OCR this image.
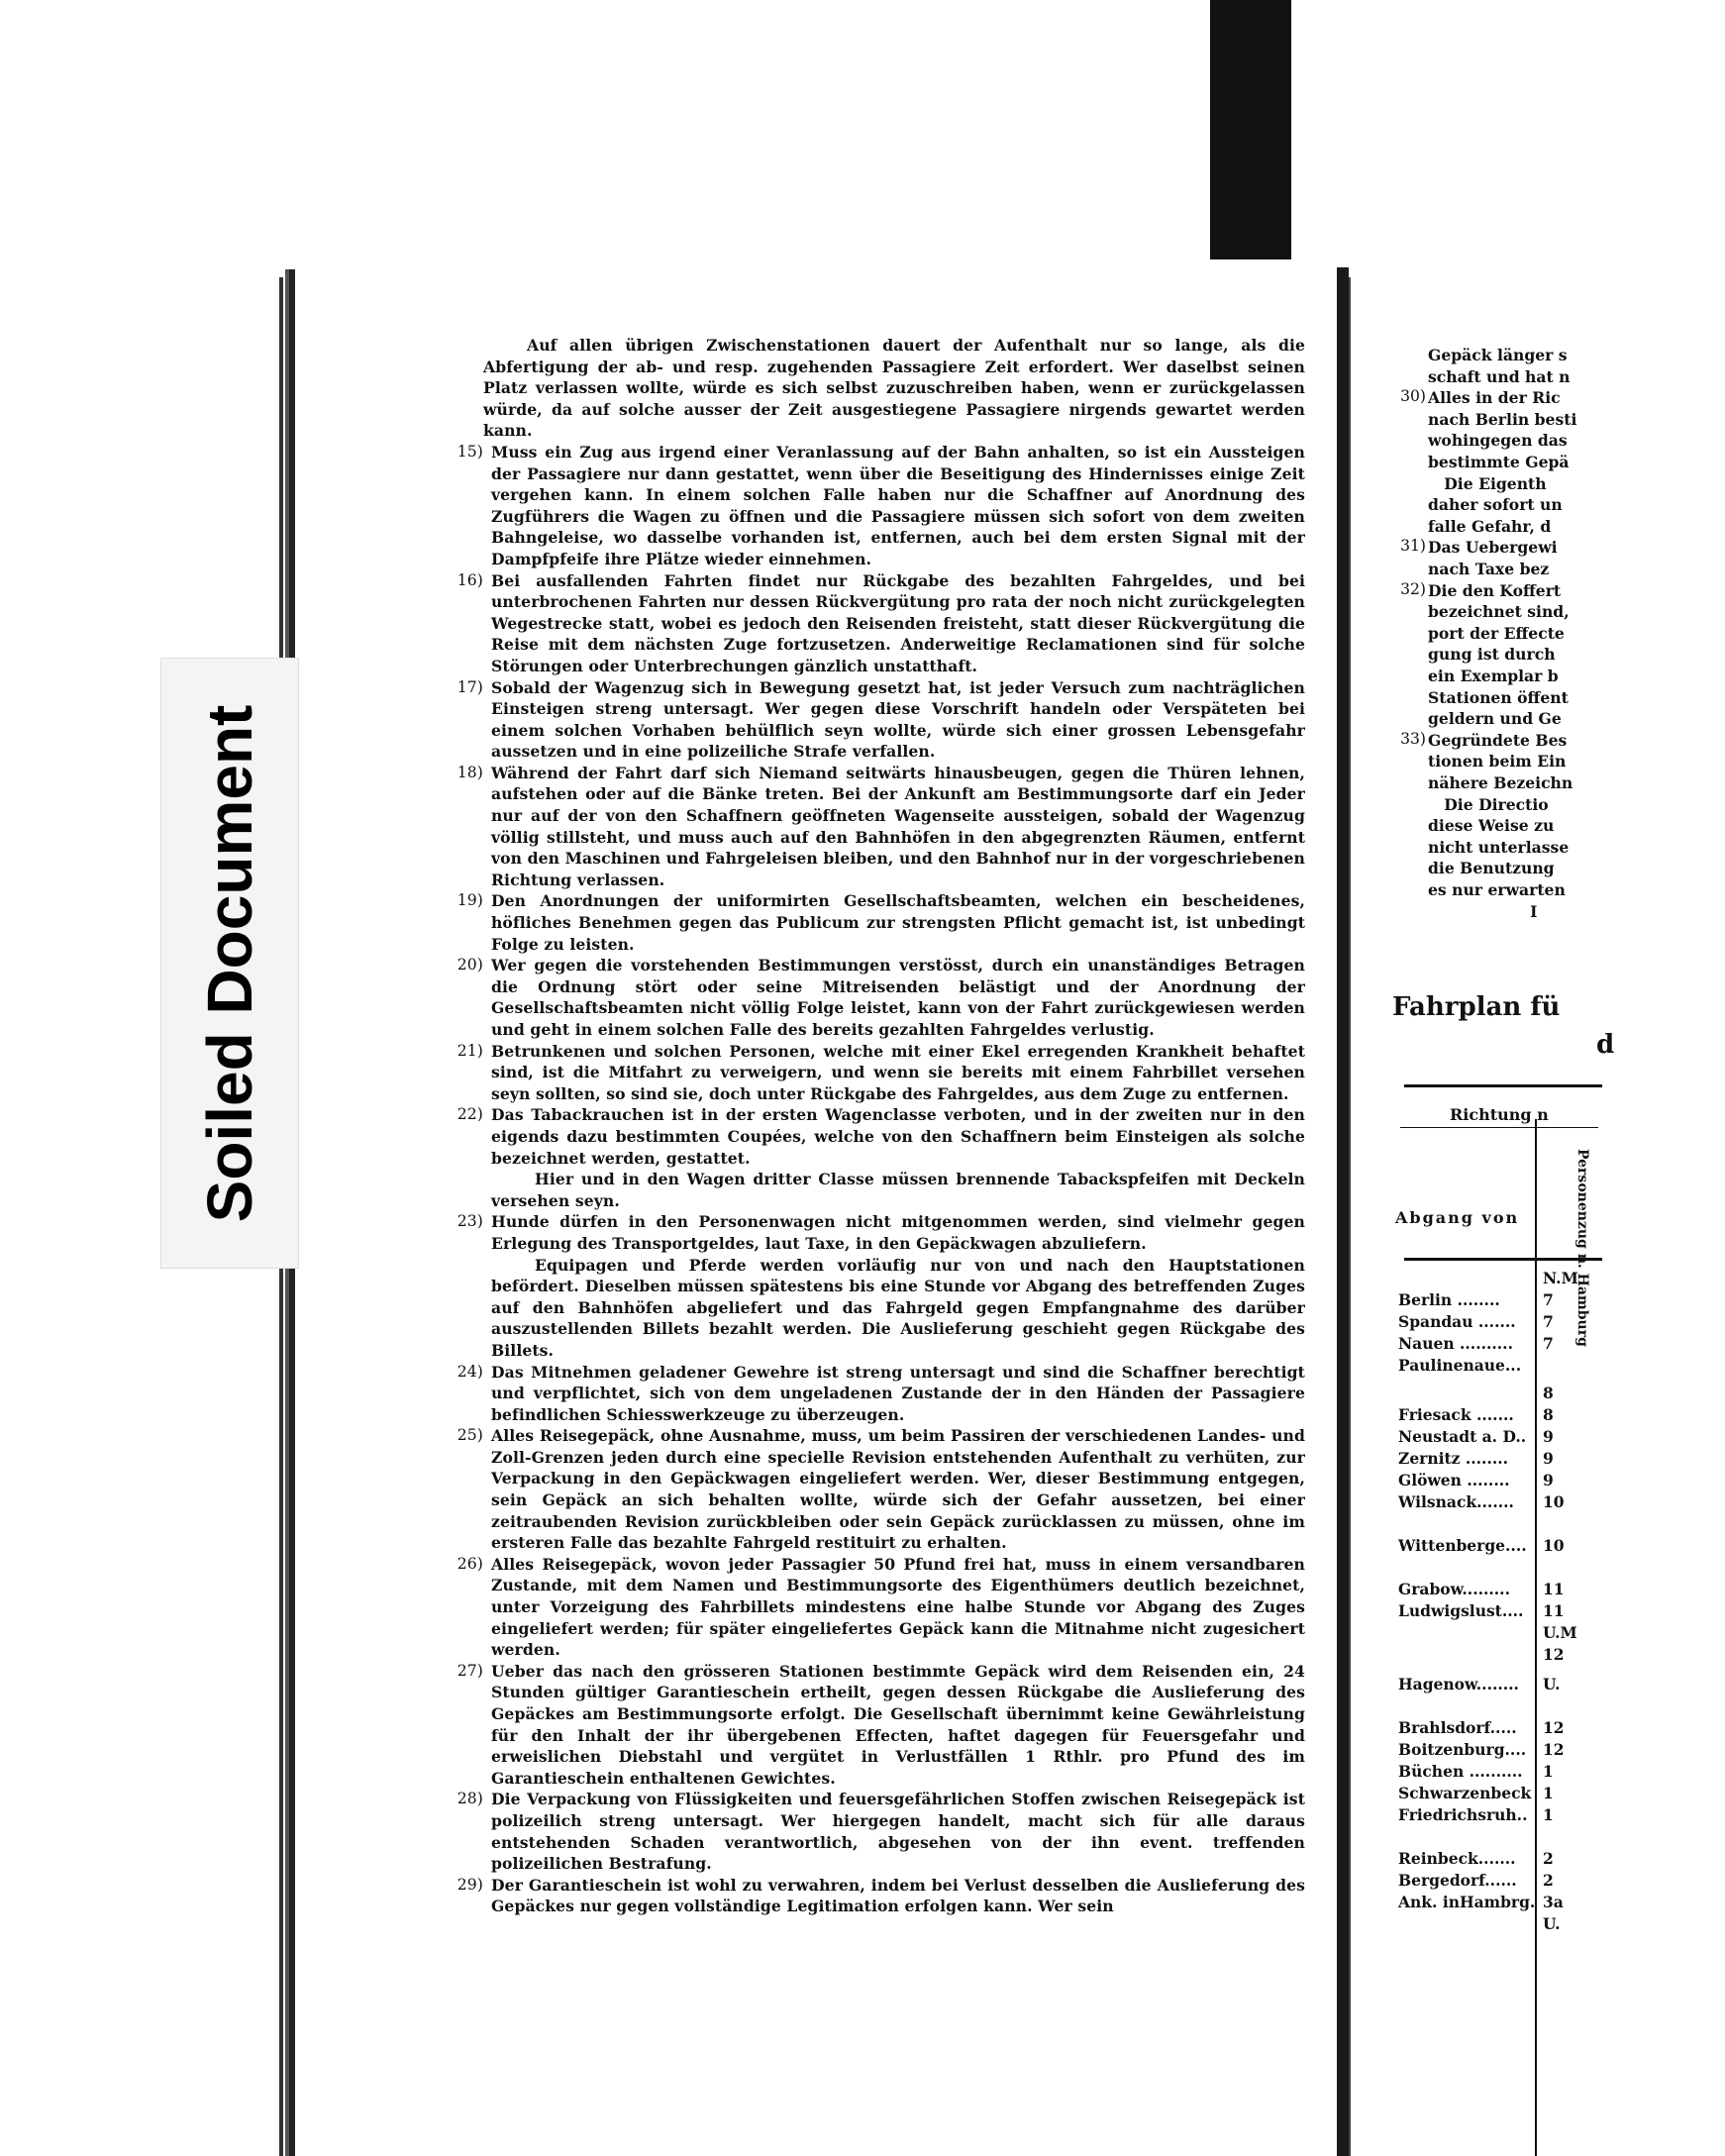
Auf allen übrigen Zwischenstationen dauert der Aufenthalt nur so lange, als die Abfertigung der ab- und resp. zugehenden Passagiere Zeit erfordert. Wer daselbst seinen Platz verlassen wollte, würde es sich selbst zuzuschreiben haben, wenn er zurückgelassen würde, da auf solche ausser der Zeit ausgestiegene Passagiere nirgends gewartet werden kann.

15) Muss ein Zug aus irgend einer Veranlassung auf der Bahn anhalten, so ist ein Aussteigen der Passagiere nur dann gestattet, wenn über die Beseitigung des Hindernisses einige Zeit vergehen kann. In einem solchen Falle haben nur die Schaffner auf Anordnung des Zugführers die Wagen zu öffnen und die Passagiere müssen sich sofort von dem zweiten Bahngeleise, wo dasselbe vorhanden ist, entfernen, auch bei dem ersten Signal mit der Dampfpfeife ihre Plätze wieder einnehmen.

16) Bei ausfallenden Fahrten findet nur Rückgabe des bezahlten Fahrgeldes, und bei unterbrochenen Fahrten nur dessen Rückvergütung pro rata der noch nicht zurückgelegten Wegestrecke statt, wobei es jedoch den Reisenden freisteht, statt dieser Rückvergütung die Reise mit dem nächsten Zuge fortzusetzen. Anderweitige Reclamationen sind für solche Störungen oder Unterbrechungen gänzlich unstatthaft.

17) Sobald der Wagenzug sich in Bewegung gesetzt hat, ist jeder Versuch zum nachträglichen Einsteigen streng untersagt. Wer gegen diese Vorschrift handeln oder Verspäteten bei einem solchen Vorhaben behülflich seyn wollte, würde sich einer grossen Lebensgefahr aussetzen und in eine polizeiliche Strafe verfallen.

18) Während der Fahrt darf sich Niemand seitwärts hinausbeugen, gegen die Thüren lehnen, aufstehen oder auf die Bänke treten. Bei der Ankunft am Bestimmungsorte darf ein Jeder nur auf der von den Schaffnern geöffneten Wagenseite aussteigen, sobald der Wagenzug völlig stillsteht, und muss auch auf den Bahnhöfen in den abgegrenzten Räumen, entfernt von den Maschinen und Fahrgeleisen bleiben, und den Bahnhof nur in der vorgeschriebenen Richtung verlassen.

19) Den Anordnungen der uniformirten Gesellschaftsbeamten, welchen ein bescheidenes, höfliches Benehmen gegen das Publicum zur strengsten Pflicht gemacht ist, ist unbedingt Folge zu leisten.

20) Wer gegen die vorstehenden Bestimmungen verstösst, durch ein unanständiges Betragen die Ordnung stört oder seine Mitreisenden belästigt und der Anordnung der Gesellschaftsbeamten nicht völlig Folge leistet, kann von der Fahrt zurückgewiesen werden und geht in einem solchen Falle des bereits gezahlten Fahrgeldes verlustig.

21) Betrunkenen und solchen Personen, welche mit einer Ekel erregenden Krankheit behaftet sind, ist die Mitfahrt zu verweigern, und wenn sie bereits mit einem Fahrbillet versehen seyn sollten, so sind sie, doch unter Rückgabe des Fahrgeldes, aus dem Zuge zu entfernen.

22) Das Tabackrauchen ist in der ersten Wagenclasse verboten, und in der zweiten nur in den eigends dazu bestimmten Coupées, welche von den Schaffnern beim Einsteigen als solche bezeichnet werden, gestattet.

Hier und in den Wagen dritter Classe müssen brennende Tabackspfeifen mit Deckeln versehen seyn.

23) Hunde dürfen in den Personenwagen nicht mitgenommen werden, sind vielmehr gegen Erlegung des Transportgeldes, laut Taxe, in den Gepäckwagen abzuliefern.

Equipagen und Pferde werden vorläufig nur von und nach den Hauptstationen befördert. Dieselben müssen spätestens bis eine Stunde vor Abgang des betreffenden Zuges auf den Bahnhöfen abgeliefert und das Fahrgeld gegen Empfangnahme des darüber auszustellenden Billets bezahlt werden. Die Auslieferung geschieht gegen Rückgabe des Billets.

24) Das Mitnehmen geladener Gewehre ist streng untersagt und sind die Schaffner berechtigt und verpflichtet, sich von dem ungeladenen Zustande der in den Händen der Passagiere befindlichen Schiesswerkzeuge zu überzeugen.

25) Alles Reisegepäck, ohne Ausnahme, muss, um beim Passiren der verschiedenen Landes- und Zoll-Grenzen jeden durch eine specielle Revision entstehenden Aufenthalt zu verhüten, zur Verpackung in den Gepäckwagen eingeliefert werden. Wer, dieser Bestimmung entgegen, sein Gepäck an sich behalten wollte, würde sich der Gefahr aussetzen, bei einer zeitraubenden Revision zurückbleiben oder sein Gepäck zurücklassen zu müssen, ohne im ersteren Falle das bezahlte Fahrgeld restituirt zu erhalten.

26) Alles Reisegepäck, wovon jeder Passagier 50 Pfund frei hat, muss in einem versandbaren Zustande, mit dem Namen und Bestimmungsorte des Eigenthümers deutlich bezeichnet, unter Vorzeigung des Fahrbillets mindestens eine halbe Stunde vor Abgang des Zuges eingeliefert werden; für später eingeliefertes Gepäck kann die Mitnahme nicht zugesichert werden.

27) Ueber das nach den grösseren Stationen bestimmte Gepäck wird dem Reisenden ein, 24 Stunden gültiger Garantieschein ertheilt, gegen dessen Rückgabe die Auslieferung des Gepäckes am Bestimmungsorte erfolgt. Die Gesellschaft übernimmt keine Gewährleistung für den Inhalt der ihr übergebenen Effecten, haftet dagegen für Feuersgefahr und erweislichen Diebstahl und vergütet in Verlustfällen 1 Rthlr. pro Pfund des im Garantieschein enthaltenen Gewichtes.

28) Die Verpackung von Flüssigkeiten und feuersgefährlichen Stoffen zwischen Reisegepäck ist polizeilich streng untersagt. Wer hiergegen handelt, macht sich für alle daraus entstehenden Schaden verantwortlich, abgesehen von der ihn event. treffenden polizeilichen Bestrafung.

29) Der Garantieschein ist wohl zu verwahren, indem bei Verlust desselben die Auslieferung des Gepäckes nur gegen vollständige Legitimation erfolgen kann. Wer sein

Gepäck länger s
schaft und hat n
30) Alles in der Ric
nach Berlin besti
wohingegen das
bestimmte Gepä
Die Eigenth
daher sofort un
falle Gefahr, d
31) Das Uebergewi
nach Taxe bez
32) Die den Koffert
bezeichnet sind,
port der Effecte
gung ist durch
ein Exemplar b
Stationen öffent
geldern und Ge
33) Gegründete Bes
tionen beim Ein
nähere Bezeichn
Die Directio
diese Weise zu
nicht unterlasse
die Benutzung
es nur erwarten
I
Fahrplan fü
d
Richtung n
Abgang von	Personenzug n. Hamburg
N.M
Berlin ........	7
Spandau ....... 7
Nauen .......... 7
Paulinenaue...
8
Friesack ....... 8
Neustadt a. D.. 9
Zernitz ........ 9
Glöwen ........ 9
Wilsnack....... 10
Wittenberge.... 10
Grabow......... 11
Ludwigslust.... 11
U.M
12
Hagenow........ U.
Brahlsdorf..... 12
Boitzenburg.... 12
Büchen .......... 1
Schwarzenbeck 1
Friedrichsruh.. 1
Reinbeck....... 2
Bergedorf...... 2
Ank. inHambrg. 3a
U.
Soiled Document
